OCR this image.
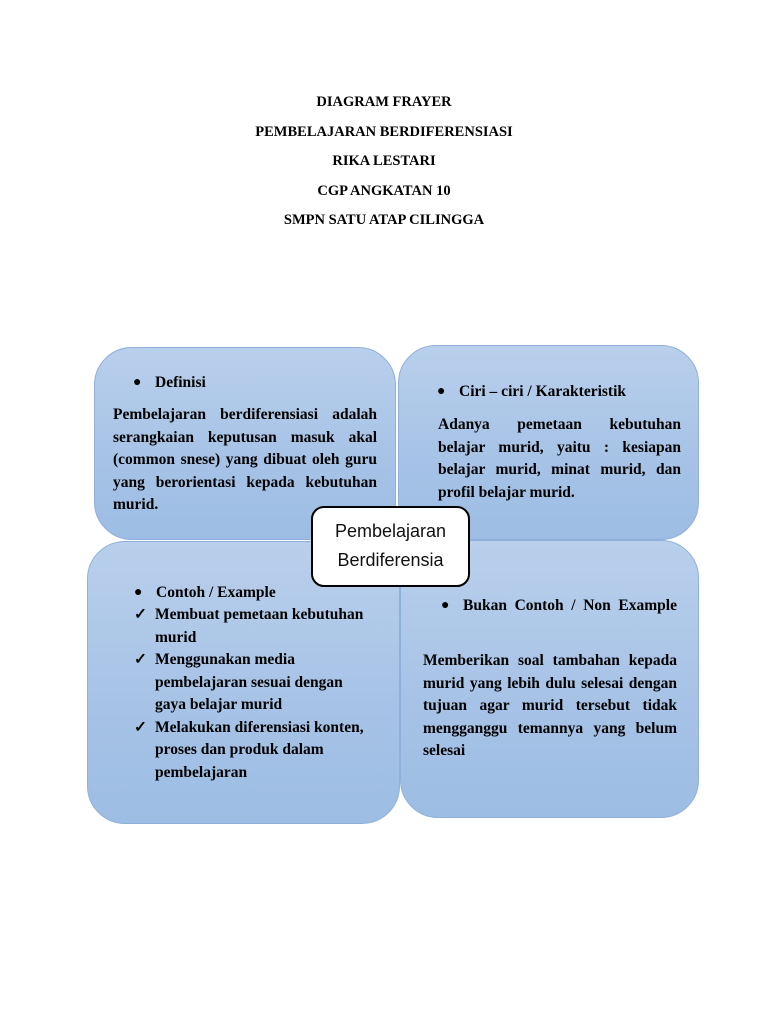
DIAGRAM FRAYER
PEMBELAJARAN BERDIFERENSIASI
RIKA LESTARI
CGP ANGKATAN 10
SMPN SATU ATAP CILINGGA
● Definisi
Pembelajaran berdiferensiasi adalah serangkaian keputusan masuk akal (common snese) yang dibuat oleh guru yang berorientasi kepada kebutuhan murid.
● Ciri – ciri / Karakteristik
Adanya pemetaan kebutuhan belajar murid, yaitu : kesiapan belajar murid, minat murid, dan profil belajar murid.
● Contoh / Example
✓ Membuat pemetaan kebutuhan murid
✓ Menggunakan media pembelajaran sesuai dengan gaya belajar murid
✓ Melakukan diferensiasi konten, proses dan produk dalam pembelajaran
● Bukan Contoh / Non Example
Memberikan soal tambahan kepada murid yang lebih dulu selesai dengan tujuan agar murid tersebut tidak mengganggu temannya yang belum selesai
Pembelajaran
Berdiferensia
